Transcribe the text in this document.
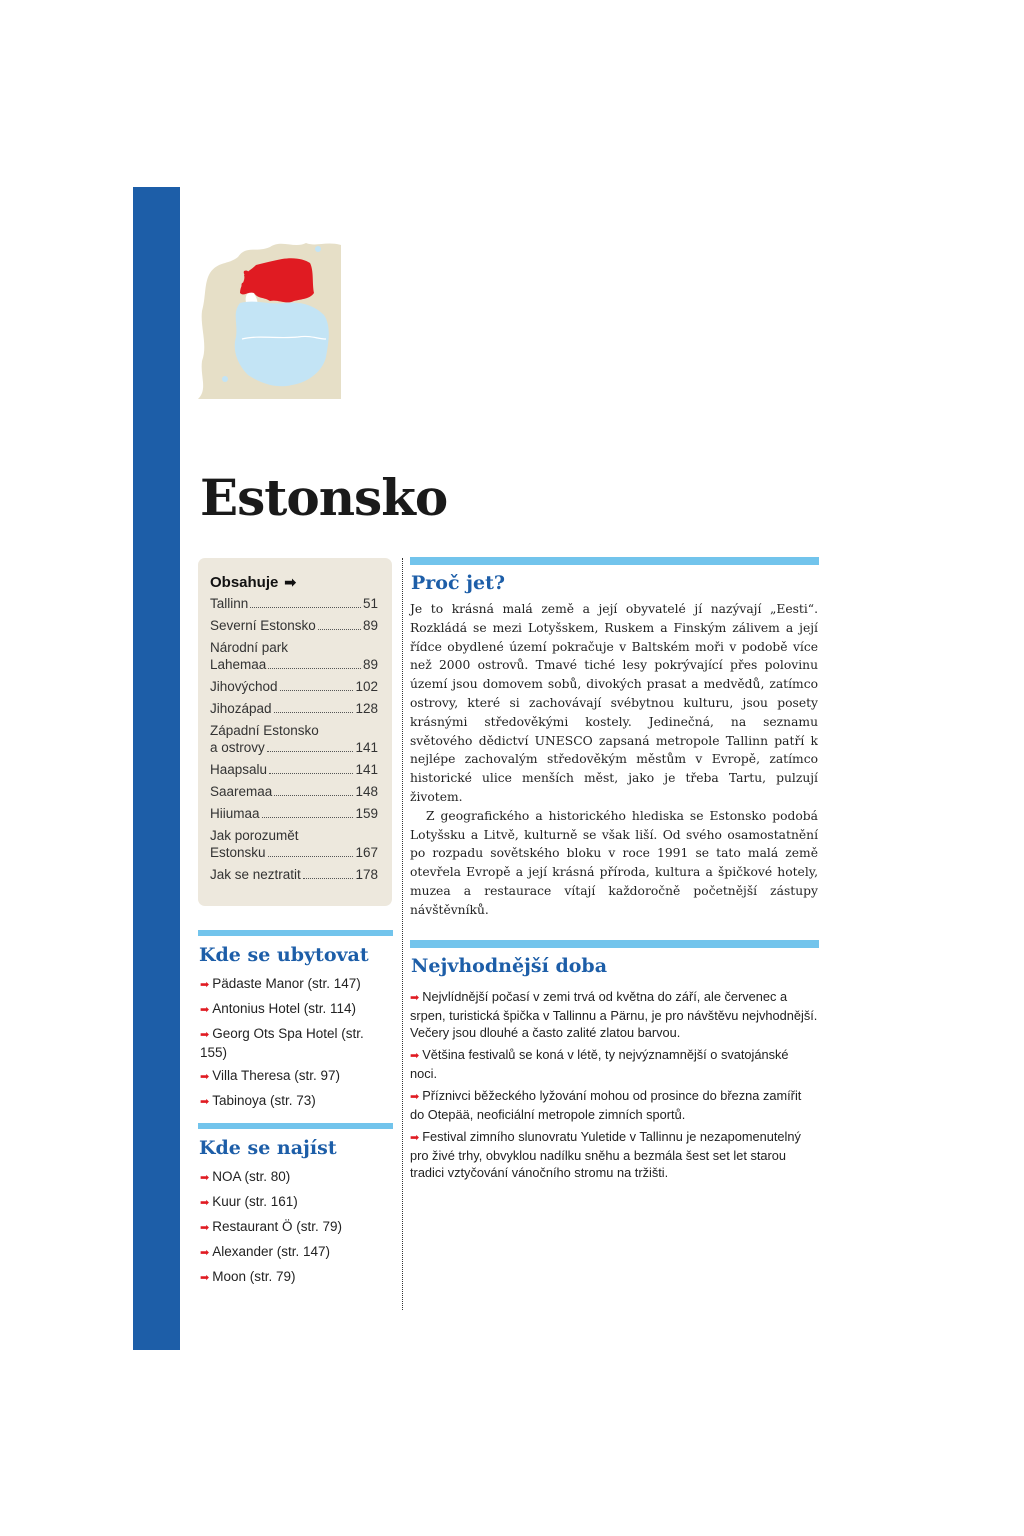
Estonsko
Obsahuje ➡
Tallinn	51
Severní Estonsko	89
Národní park
Lahemaa	89
Jihovýchod	102
Jihozápad	128
Západní Estonsko
a ostrovy	141
Haapsalu	141
Saaremaa	148
Hiiumaa	159
Jak porozumět
Estonsku	167
Jak se neztratit	178
Kde se ubytovat
➡ Pädaste Manor (str. 147)
➡ Antonius Hotel (str. 114)
➡ Georg Ots Spa Hotel (str. 155)
➡ Villa Theresa (str. 97)
➡ Tabinoya (str. 73)
Kde se najíst
➡ NOA (str. 80)
➡ Kuur (str. 161)
➡ Restaurant Ö (str. 79)
➡ Alexander (str. 147)
➡ Moon (str. 79)
Proč jet?

Je to krásná malá země a její obyvatelé jí nazývají „Eesti“. Rozkládá se mezi Lotyšskem, Ruskem a Finským zálivem a její řídce obydlené území pokračuje v Baltském moři v podobě více než 2000 ostrovů. Tmavé tiché lesy pokrývající přes polovinu území jsou domovem sobů, divokých prasat a medvědů, zatímco ostrovy, které si zachovávají svébytnou kulturu, jsou posety krásnými středověkými kostely. Jedinečná, na seznamu světového dědictví UNESCO zapsaná metropole Tallinn patří k nejlépe zachovalým středověkým městům v Evropě, zatímco historické ulice menších měst, jako je třeba Tartu, pulzují životem.

Z geografického a historického hlediska se Estonsko podobá Lotyšsku a Litvě, kulturně se však liší. Od svého osamostatnění po rozpadu sovětského bloku v roce 1991 se tato malá země otevřela Evropě a její krásná příroda, kultura a špičkové hotely, muzea a restaurace vítají každoročně početnější zástupy návštěvníků.

Nejvhodnější doba
➡ Nejvlídnější počasí v zemi trvá od května do září, ale červenec a srpen, turistická špička v Tallinnu a Pärnu, je pro návštěvu nejvhodnější. Večery jsou dlouhé a často zalité zlatou barvou.
➡ Většina festivalů se koná v létě, ty nejvýznamnější o svatojánské noci.
➡ Příznivci běžeckého lyžování mohou od prosince do března zamířit do Otepää, neoficiální metropole zimních sportů.
➡ Festival zimního slunovratu Yuletide v Tallinnu je nezapomenutelný pro živé trhy, obvyklou nadílku sněhu a bezmála šest set let starou tradici vztyčování vánočního stromu na tržišti.
